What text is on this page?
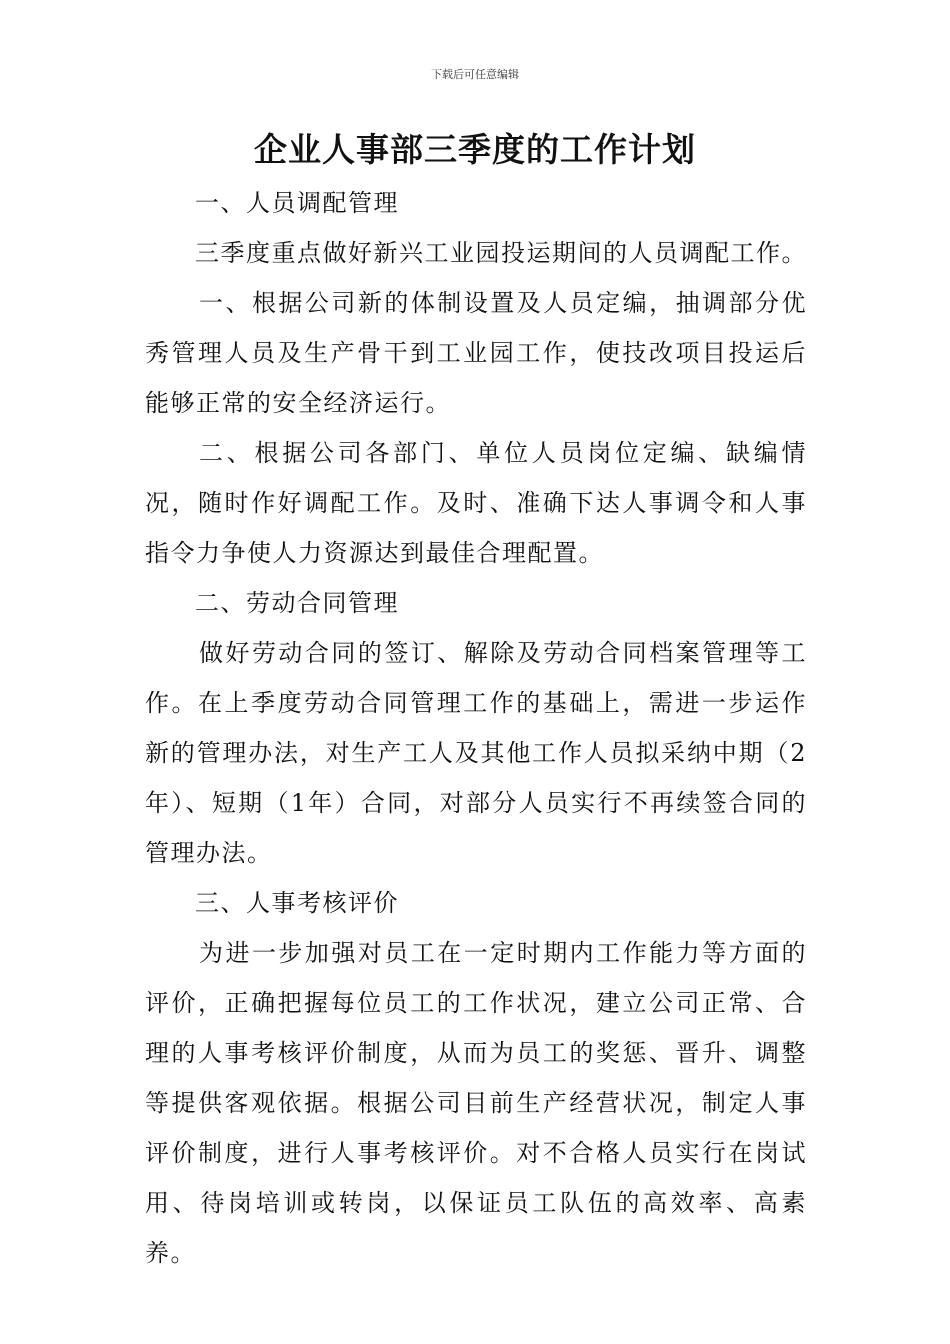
下载后可任意编辑
企业人事部三季度的工作计划

一、人员调配管理

三季度重点做好新兴工业园投运期间的人员调配工作。

一、根据公司新的体制设置及人员定编，抽调部分优秀管理人员及生产骨干到工业园工作，使技改项目投运后能够正常的安全经济运行。

二、根据公司各部门、单位人员岗位定编、缺编情况，随时作好调配工作。及时、准确下达人事调令和人事指令力争使人力资源达到最佳合理配置。

二、劳动合同管理

做好劳动合同的签订、解除及劳动合同档案管理等工作。在上季度劳动合同管理工作的基础上，需进一步运作新的管理办法，对生产工人及其他工作人员拟采纳中期（2年）、短期（1年）合同，对部分人员实行不再续签合同的管理办法。

三、人事考核评价

为进一步加强对员工在一定时期内工作能力等方面的评价，正确把握每位员工的工作状况，建立公司正常、合理的人事考核评价制度，从而为员工的奖惩、晋升、调整等提供客观依据。根据公司目前生产经营状况，制定人事评价制度，进行人事考核评价。对不合格人员实行在岗试用、待岗培训或转岗，以保证员工队伍的高效率、高素养。
